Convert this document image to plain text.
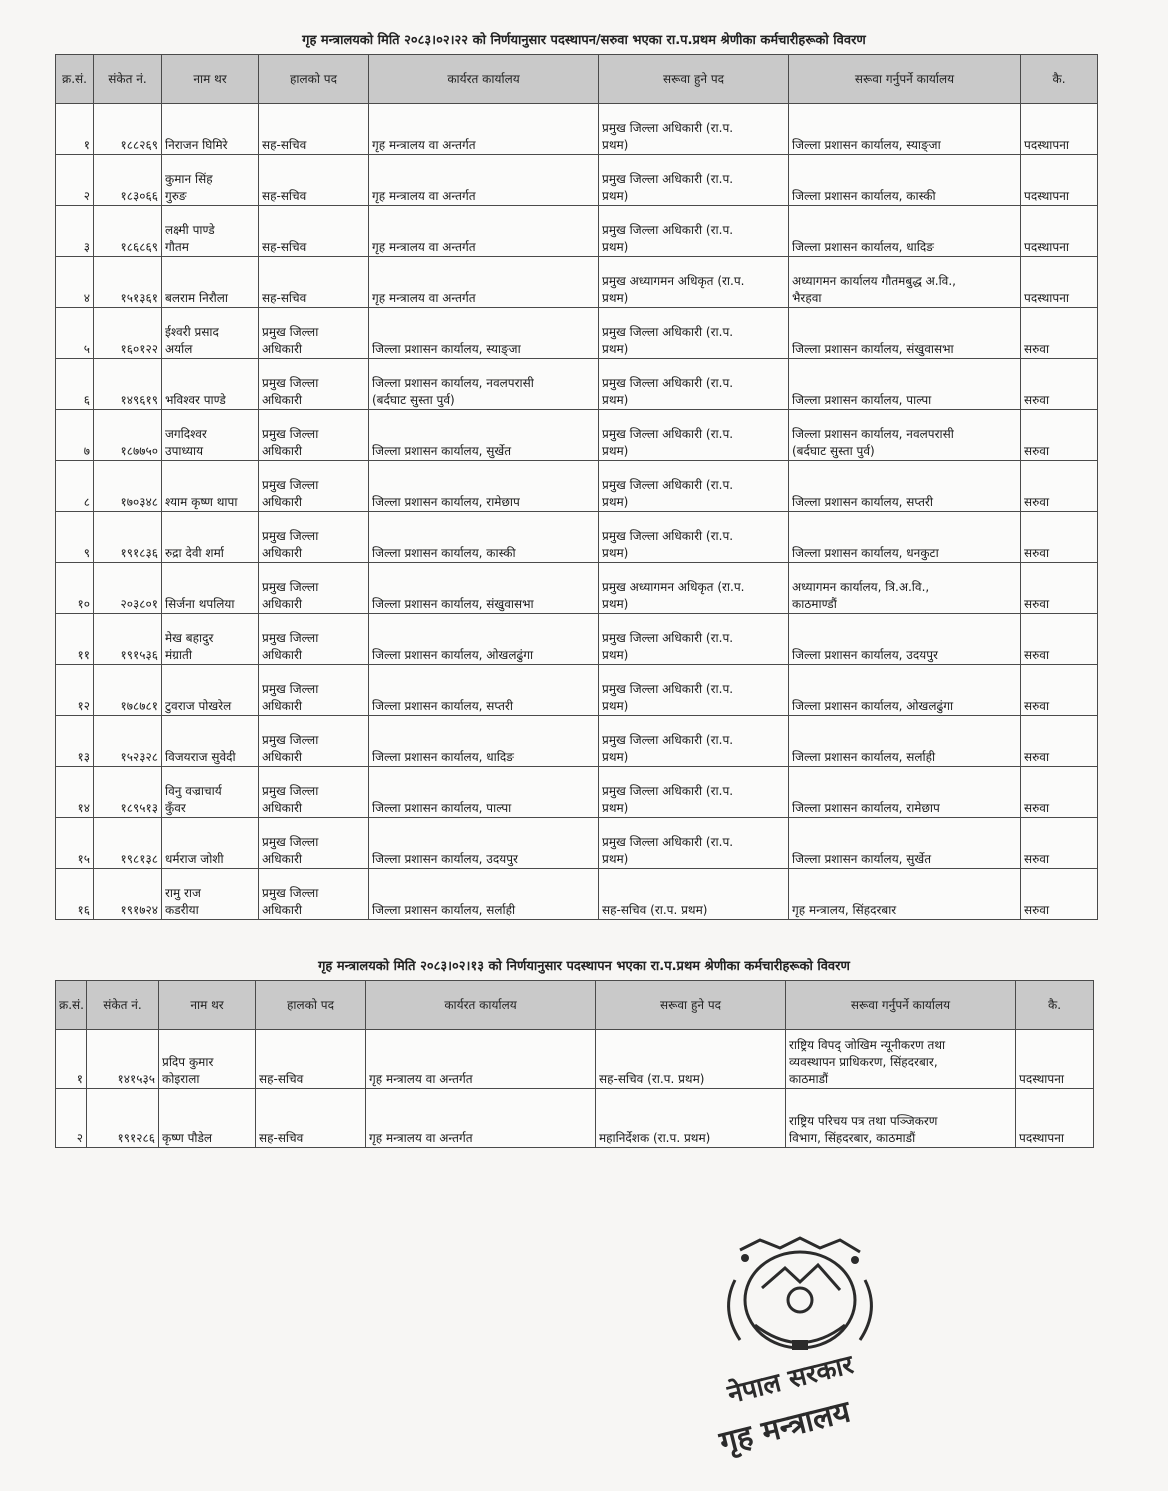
गृह मन्त्रालयको मिति २०८३।०२।२२ को निर्णयानुसार पदस्थापन/सरुवा भएका रा.प.प्रथम श्रेणीका कर्मचारीहरूको विवरण
क्र.सं.	संकेत नं.	नाम थर	हालको पद	कार्यरत कार्यालय	सरूवा हुने पद	सरूवा गर्नुपर्ने कार्यालय	कै.
१	१८८२६९	निराजन घिमिरे	सह-सचिव	गृह मन्त्रालय वा अन्तर्गत	प्रमुख जिल्ला अधिकारी (रा.प.
प्रथम)	जिल्ला प्रशासन कार्यालय, स्याङ्जा	पदस्थापना
२	१८३०६६	कुमान सिंह
गुरुङ	सह-सचिव	गृह मन्त्रालय वा अन्तर्गत	प्रमुख जिल्ला अधिकारी (रा.प.
प्रथम)	जिल्ला प्रशासन कार्यालय, कास्की	पदस्थापना
३	१८६८६९	लक्ष्मी पाण्डे
गौतम	सह-सचिव	गृह मन्त्रालय वा अन्तर्गत	प्रमुख जिल्ला अधिकारी (रा.प.
प्रथम)	जिल्ला प्रशासन कार्यालय, धादिङ	पदस्थापना
४	१५१३६१	बलराम निरौला	सह-सचिव	गृह मन्त्रालय वा अन्तर्गत	प्रमुख अध्यागमन अधिकृत (रा.प.
प्रथम)	अध्यागमन कार्यालय गौतमबुद्ध अ.वि.,
भैरहवा	पदस्थापना
५	१६०१२२	ईश्वरी प्रसाद
अर्याल	प्रमुख जिल्ला
अधिकारी	जिल्ला प्रशासन कार्यालय, स्याङ्जा	प्रमुख जिल्ला अधिकारी (रा.प.
प्रथम)	जिल्ला प्रशासन कार्यालय, संखुवासभा	सरुवा
६	१४९६१९	भविश्वर पाण्डे	प्रमुख जिल्ला
अधिकारी	जिल्ला प्रशासन कार्यालय, नवलपरासी
(बर्दघाट सुस्ता पुर्व)	प्रमुख जिल्ला अधिकारी (रा.प.
प्रथम)	जिल्ला प्रशासन कार्यालय, पाल्पा	सरुवा
७	१८७७५०	जगदिश्वर
उपाध्याय	प्रमुख जिल्ला
अधिकारी	जिल्ला प्रशासन कार्यालय, सुर्खेत	प्रमुख जिल्ला अधिकारी (रा.प.
प्रथम)	जिल्ला प्रशासन कार्यालय, नवलपरासी
(बर्दघाट सुस्ता पुर्व)	सरुवा
८	१७०३४८	श्याम कृष्ण थापा	प्रमुख जिल्ला
अधिकारी	जिल्ला प्रशासन कार्यालय, रामेछाप	प्रमुख जिल्ला अधिकारी (रा.प.
प्रथम)	जिल्ला प्रशासन कार्यालय, सप्तरी	सरुवा
९	१९१८३६	रुद्रा देवी शर्मा	प्रमुख जिल्ला
अधिकारी	जिल्ला प्रशासन कार्यालय, कास्की	प्रमुख जिल्ला अधिकारी (रा.प.
प्रथम)	जिल्ला प्रशासन कार्यालय, धनकुटा	सरुवा
१०	२०३८०१	सिर्जना थपलिया	प्रमुख जिल्ला
अधिकारी	जिल्ला प्रशासन कार्यालय, संखुवासभा	प्रमुख अध्यागमन अधिकृत (रा.प.
प्रथम)	अध्यागमन कार्यालय, त्रि.अ.वि.,
काठमाण्डौं	सरुवा
११	१९१५३६	मेख बहादुर
मंग्राती	प्रमुख जिल्ला
अधिकारी	जिल्ला प्रशासन कार्यालय, ओखलढुंगा	प्रमुख जिल्ला अधिकारी (रा.प.
प्रथम)	जिल्ला प्रशासन कार्यालय, उदयपुर	सरुवा
१२	१७८७८१	टुवराज पोखरेल	प्रमुख जिल्ला
अधिकारी	जिल्ला प्रशासन कार्यालय, सप्तरी	प्रमुख जिल्ला अधिकारी (रा.प.
प्रथम)	जिल्ला प्रशासन कार्यालय, ओखलढुंगा	सरुवा
१३	१५२३२८	विजयराज सुवेदी	प्रमुख जिल्ला
अधिकारी	जिल्ला प्रशासन कार्यालय, धादिङ	प्रमुख जिल्ला अधिकारी (रा.प.
प्रथम)	जिल्ला प्रशासन कार्यालय, सर्लाही	सरुवा
१४	१८९५१३	विनु वज्राचार्य
कुँवर	प्रमुख जिल्ला
अधिकारी	जिल्ला प्रशासन कार्यालय, पाल्पा	प्रमुख जिल्ला अधिकारी (रा.प.
प्रथम)	जिल्ला प्रशासन कार्यालय, रामेछाप	सरुवा
१५	१९८१३८	धर्मराज जोशी	प्रमुख जिल्ला
अधिकारी	जिल्ला प्रशासन कार्यालय, उदयपुर	प्रमुख जिल्ला अधिकारी (रा.प.
प्रथम)	जिल्ला प्रशासन कार्यालय, सुर्खेत	सरुवा
१६	१९१७२४	रामु राज
कडरीया	प्रमुख जिल्ला
अधिकारी	जिल्ला प्रशासन कार्यालय, सर्लाही	सह-सचिव (रा.प. प्रथम)	गृह मन्त्रालय, सिंहदरबार	सरुवा
गृह मन्त्रालयको मिति २०८३।०२।१३ को निर्णयानुसार पदस्थापन भएका रा.प.प्रथम श्रेणीका कर्मचारीहरूको विवरण
क्र.सं.	संकेत नं.	नाम थर	हालको पद	कार्यरत कार्यालय	सरूवा हुने पद	सरूवा गर्नुपर्ने कार्यालय	कै.
१	१४१५३५	प्रदिप कुमार
कोइराला	सह-सचिव	गृह मन्त्रालय वा अन्तर्गत	सह-सचिव (रा.प. प्रथम)	राष्ट्रिय विपद् जोखिम न्यूनीकरण तथा
व्यवस्थापन प्राधिकरण, सिंहदरबार,
काठमाडौं	पदस्थापना
२	१९१२८६	कृष्ण पौडेल	सह-सचिव	गृह मन्त्रालय वा अन्तर्गत	महानिर्देशक (रा.प. प्रथम)	राष्ट्रिय परिचय पत्र तथा पञ्जिकरण
विभाग, सिंहदरबार, काठमाडौं	पदस्थापना
नेपाल सरकार
गृह मन्त्रालय
